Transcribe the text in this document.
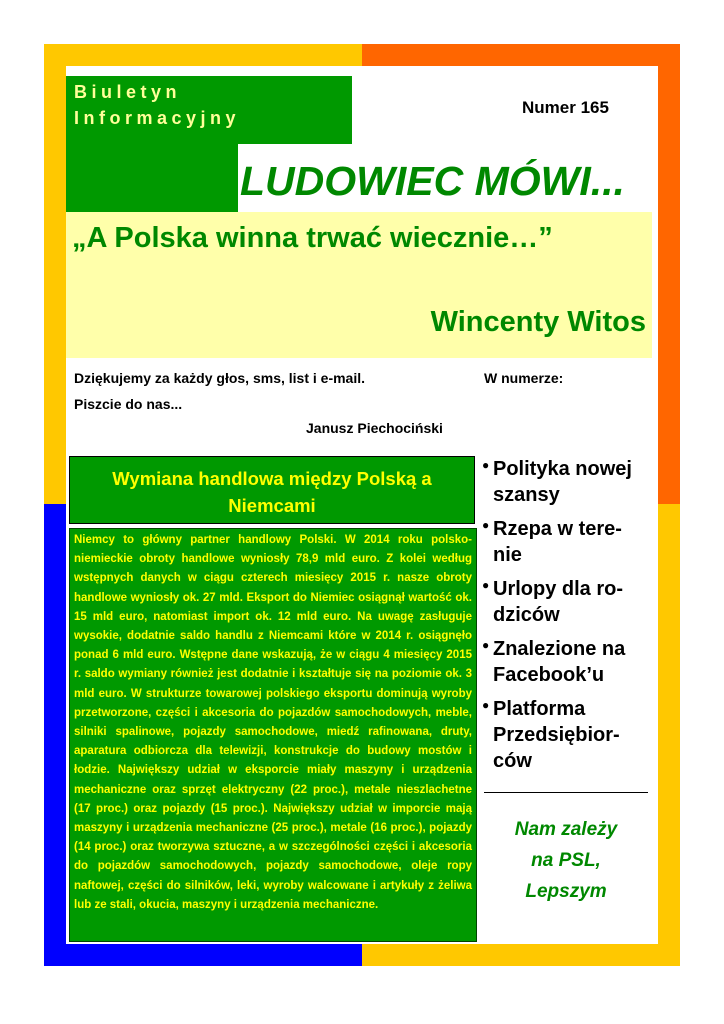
Biuletyn
Informacyjny
Numer 165
LUDOWIEC MÓWI...
„A Polska winna trwać wiecznie…”
Wincenty Witos
Dziękujemy za każdy głos, sms, list i e-mail.
Piszcie do nas...
Janusz Piechociński
W numerze:
Wymiana handlowa między Polską a Niemcami

Niemcy to główny partner handlowy Polski. W 2014 roku polsko-niemieckie obroty handlowe wyniosły 78,9 mld euro. Z kolei według wstępnych danych w ciągu czterech miesięcy 2015 r. nasze obroty handlowe wyniosły ok. 27 mld. Eksport do Niemiec osiągnął wartość ok. 15 mld euro, natomiast import ok. 12 mld euro. Na uwagę zasługuje wysokie, dodatnie saldo handlu z Niemcami które w 2014 r. osiągnęło ponad 6 mld euro. Wstępne dane wskazują, że w ciągu 4 miesięcy 2015 r. saldo wymiany również jest dodatnie i kształtuje się na poziomie ok. 3 mld euro. W strukturze towarowej polskiego eksportu dominują wyroby przetworzone, części i akcesoria do pojazdów samochodowych, meble, silniki spalinowe, pojazdy samochodowe, miedź rafinowana, druty, aparatura odbiorcza dla telewizji, konstrukcje do budowy mostów i łodzie. Największy udział w eksporcie miały maszyny i urządzenia mechaniczne oraz sprzęt elektryczny (22 proc.), metale nieszlachetne (17 proc.) oraz pojazdy (15 proc.). Największy udział w imporcie mają maszyny i urządzenia mechaniczne (25 proc.), metale (16 proc.), pojazdy (14 proc.) oraz tworzywa sztuczne, a w szczególności części i akcesoria do pojazdów samochodowych, pojazdy samochodowe, oleje ropy naftowej, części do silników, leki, wyroby walcowane i artykuły z żeliwa lub ze stali, okucia, maszyny i urządzenia mechaniczne.

● Polityka nowej
szansy
● Rzepa w tere-
nie
● Urlopy dla ro-
dziców
● Znalezione na
Facebook’u
● Platforma
Przedsiębior-
ców
Nam zależy
na PSL,
Lepszym
